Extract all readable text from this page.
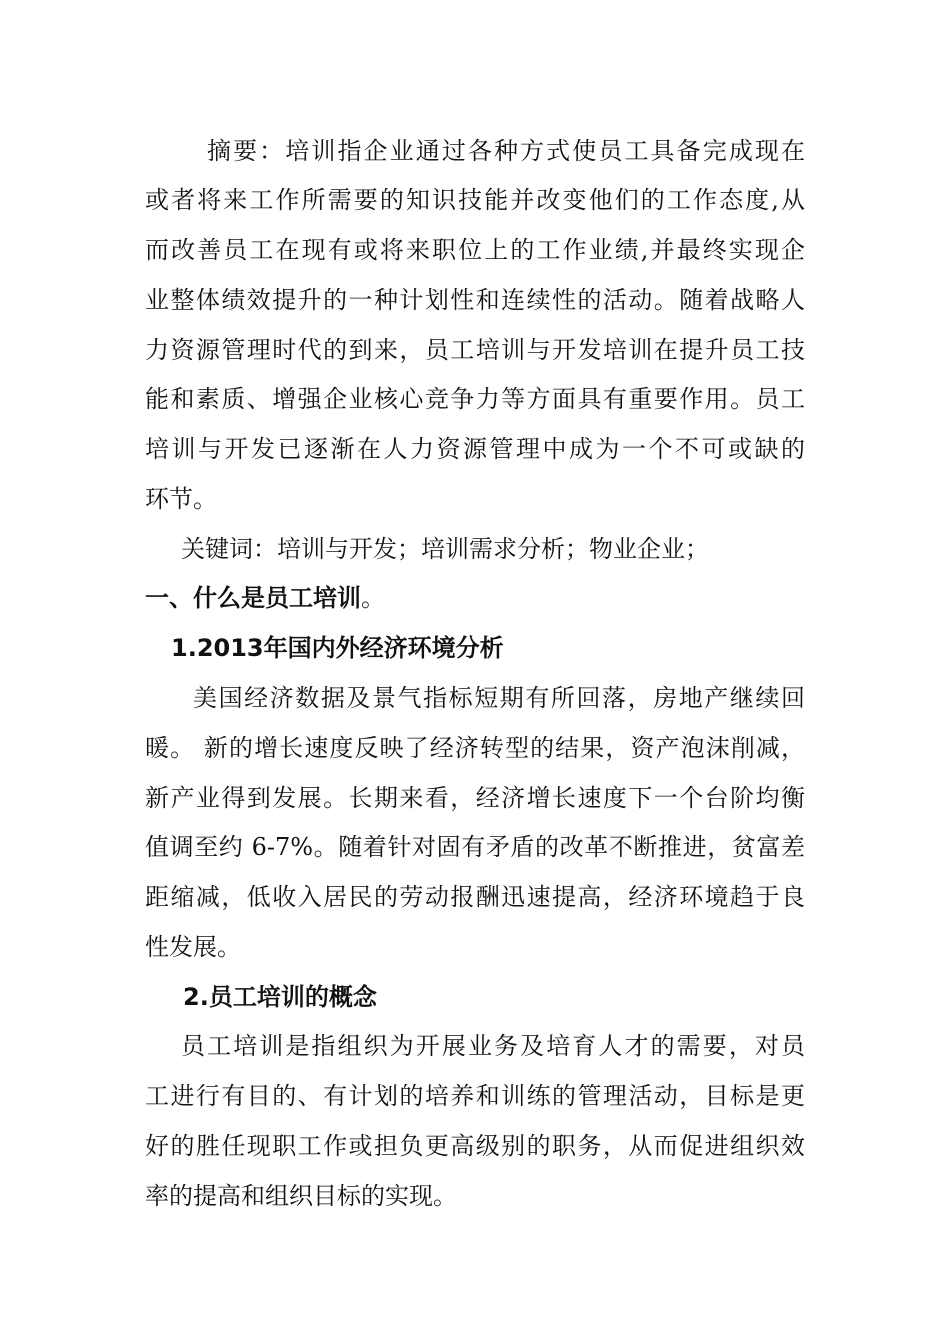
摘要：培训指企业通过各种方式使员工具备完成现在
或者将来工作所需要的知识技能并改变他们的工作态度,从
而改善员工在现有或将来职位上的工作业绩,并最终实现企
业整体绩效提升的一种计划性和连续性的活动。随着战略人
力资源管理时代的到来，员工培训与开发培训在提升员工技
能和素质、增强企业核心竞争力等方面具有重要作用。员工
培训与开发已逐渐在人力资源管理中成为一个不可或缺的
环节。
关键词：培训与开发；培训需求分析；物业企业；
一、什么是员工培训。
1.2013年国内外经济环境分析
美国经济数据及景气指标短期有所回落，房地产继续回
暖。 新的增长速度反映了经济转型的结果，资产泡沫削减，
新产业得到发展。长期来看，经济增长速度下一个台阶均衡
值调至约 6-7%。随着针对固有矛盾的改革不断推进，贫富差
距缩减，低收入居民的劳动报酬迅速提高，经济环境趋于良
性发展。
2.员工培训的概念
员工培训是指组织为开展业务及培育人才的需要，对员
工进行有目的、有计划的培养和训练的管理活动，目标是更
好的胜任现职工作或担负更高级别的职务，从而促进组织效
率的提高和组织目标的实现。
